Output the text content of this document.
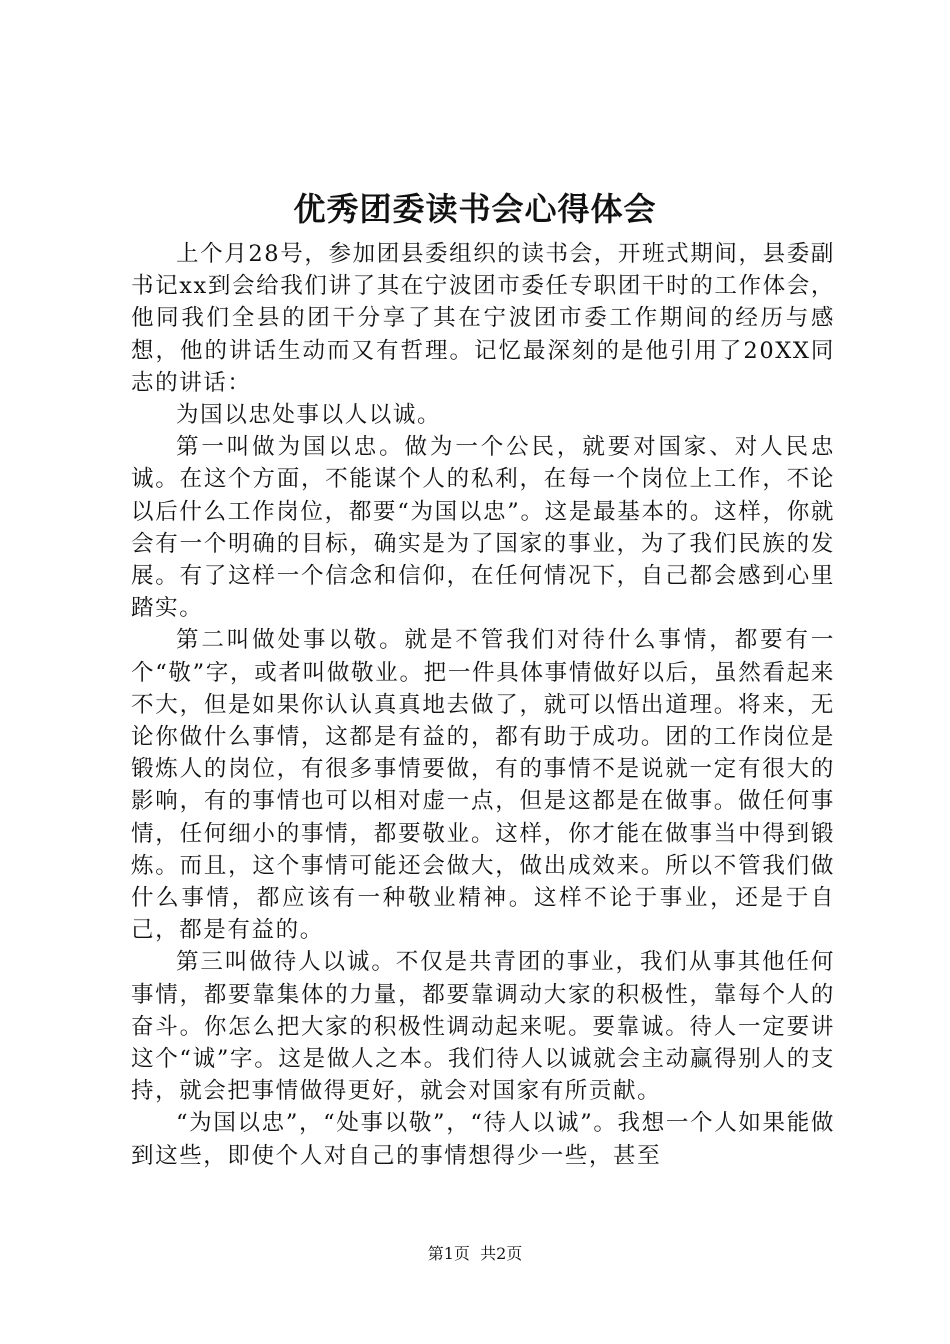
优秀团委读书会心得体会

上个月28号，参加团县委组织的读书会，开班式期间，县委副书记xx到会给我们讲了其在宁波团市委任专职团干时的工作体会，他同我们全县的团干分享了其在宁波团市委工作期间的经历与感想，他的讲话生动而又有哲理。记忆最深刻的是他引用了20XX同志的讲话：

为国以忠处事以人以诚。

第一叫做为国以忠。做为一个公民，就要对国家、对人民忠诚。在这个方面，不能谋个人的私利，在每一个岗位上工作，不论以后什么工作岗位，都要“为国以忠”。这是最基本的。这样，你就会有一个明确的目标，确实是为了国家的事业，为了我们民族的发展。有了这样一个信念和信仰，在任何情况下，自己都会感到心里踏实。

第二叫做处事以敬。就是不管我们对待什么事情，都要有一个“敬”字，或者叫做敬业。把一件具体事情做好以后，虽然看起来不大，但是如果你认认真真地去做了，就可以悟出道理。将来，无论你做什么事情，这都是有益的，都有助于成功。团的工作岗位是锻炼人的岗位，有很多事情要做，有的事情不是说就一定有很大的影响，有的事情也可以相对虚一点，但是这都是在做事。做任何事情，任何细小的事情，都要敬业。这样，你才能在做事当中得到锻炼。而且，这个事情可能还会做大，做出成效来。所以不管我们做什么事情，都应该有一种敬业精神。这样不论于事业，还是于自己，都是有益的。

第三叫做待人以诚。不仅是共青团的事业，我们从事其他任何事情，都要靠集体的力量，都要靠调动大家的积极性，靠每个人的奋斗。你怎么把大家的积极性调动起来呢。要靠诚。待人一定要讲这个“诚”字。这是做人之本。我们待人以诚就会主动赢得别人的支持，就会把事情做得更好，就会对国家有所贡献。

“为国以忠”，“处事以敬”，“待人以诚”。我想一个人如果能做到这些，即使个人对自己的事情想得少一些，甚至

第1页 共2页
